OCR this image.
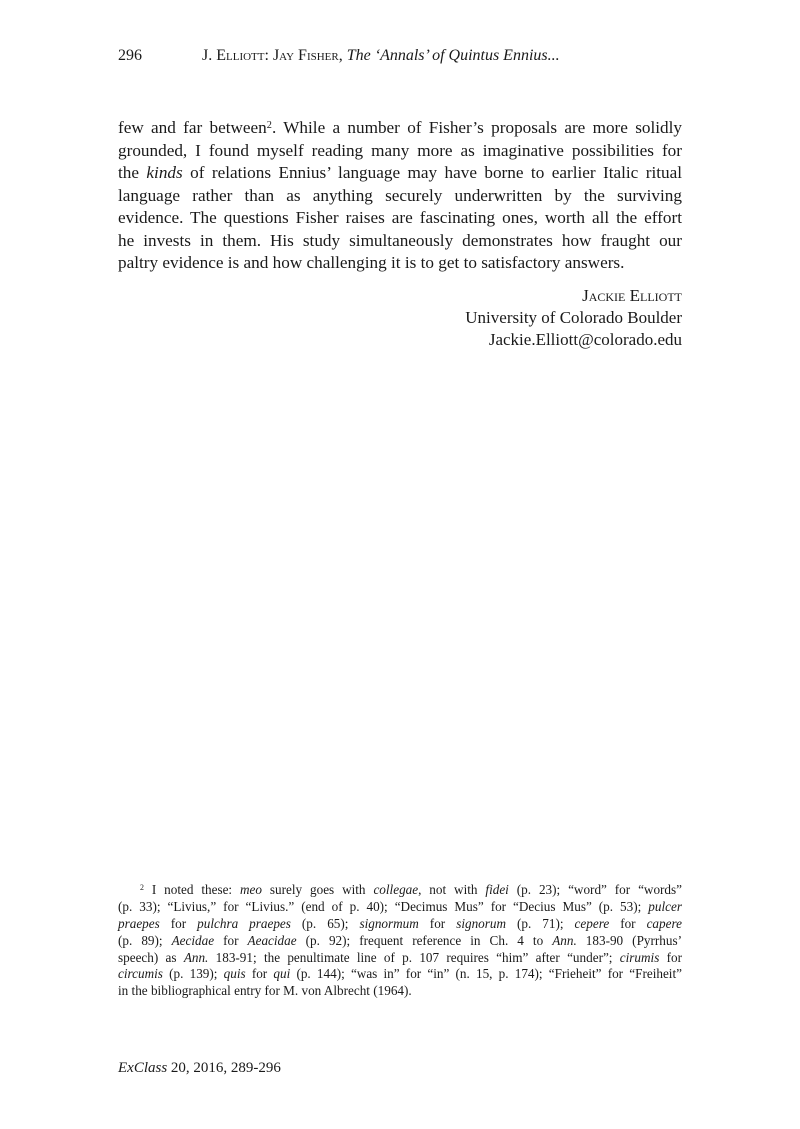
296	J. Elliott: Jay Fisher, The ‘Annals’ of Quintus Ennius...
few and far between$^2$. While a number of Fisher’s proposals are more solidly
grounded, I found myself reading many more as imaginative possibilities for
the kinds of relations Ennius’ language may have borne to earlier Italic ritual
language rather than as anything securely underwritten by the surviving
evidence. The questions Fisher raises are fascinating ones, worth all the effort
he invests in them. His study simultaneously demonstrates how fraught our
paltry evidence is and how challenging it is to get to satisfactory answers.
Jackie Elliott
University of Colorado Boulder
Jackie.Elliott@colorado.edu
$^2$ I noted these: meo surely goes with collegae, not with fidei (p. 23); “word” for “words”
(p. 33); “Livius,” for “Livius.” (end of p. 40); “Decimus Mus” for “Decius Mus” (p. 53); pulcer
praepes for pulchra praepes (p. 65); signormum for signorum (p. 71); cepere for capere
(p. 89); Aecidae for Aeacidae (p. 92); frequent reference in Ch. 4 to Ann. 183-90 (Pyrrhus’
speech) as Ann. 183-91; the penultimate line of p. 107 requires “him” after “under”; cirumis for
circumis (p. 139); quis for qui (p. 144); “was in” for “in” (n. 15, p. 174); “Frieheit” for “Freiheit”
in the bibliographical entry for M. von Albrecht (1964).
ExClass 20, 2016, 289-296
